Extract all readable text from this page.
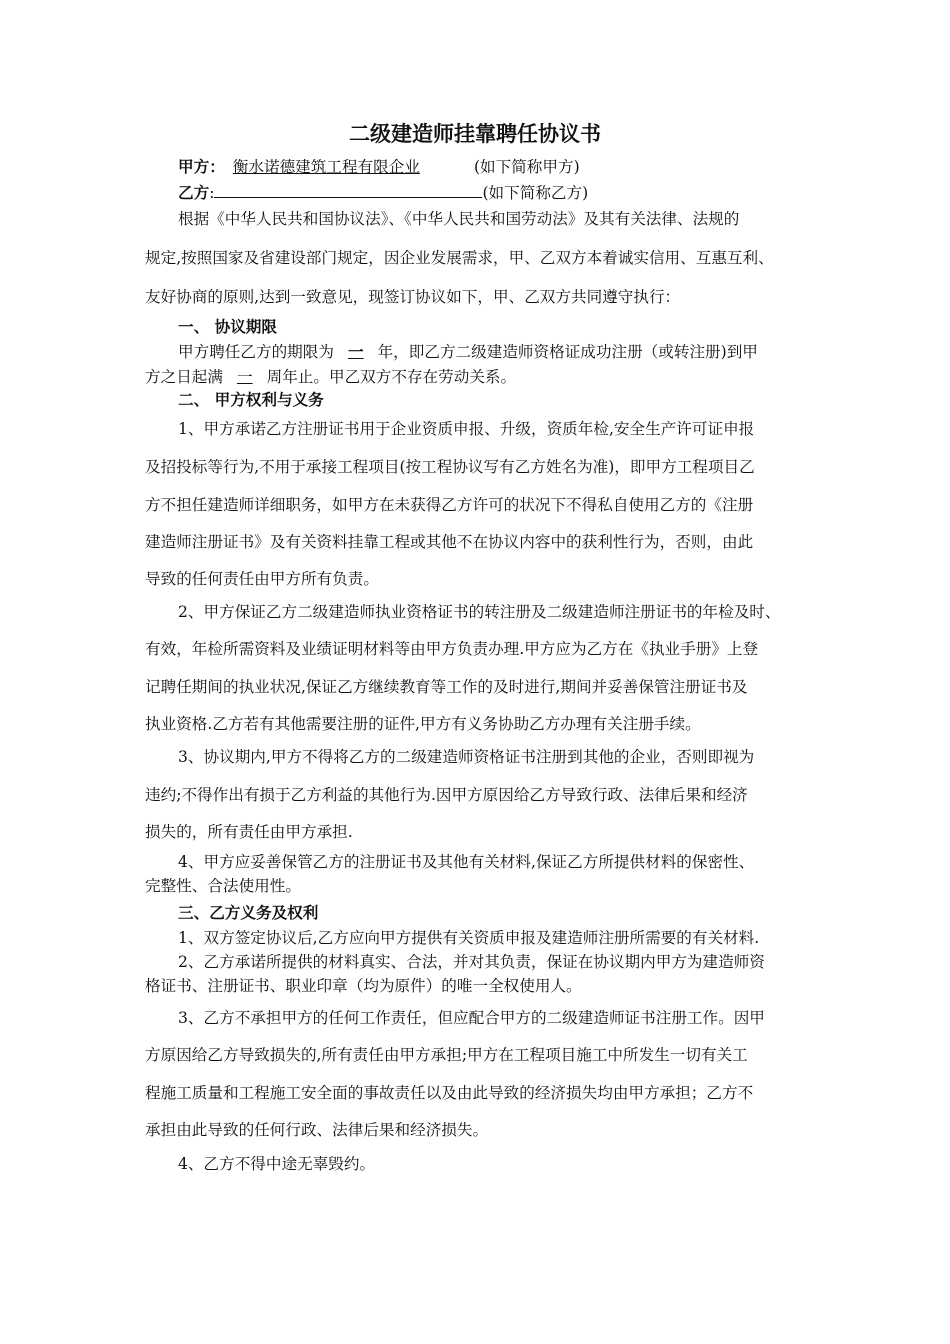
二级建造师挂靠聘任协议书

甲方： 衡水诺德建筑工程有限企业	(如下简称甲方)

乙方:	(如下简称乙方)

根据《中华人民共和国协议法》、《中华人民共和国劳动法》及其有关法律、法规的

规定,按照国家及省建设部门规定，因企业发展需求，甲、乙双方本着诚实信用、互惠互利、

友好协商的原则,达到一致意见，现签订协议如下，甲、乙双方共同遵守执行：

一、 协议期限

甲方聘任乙方的期限为 一 年，即乙方二级建造师资格证成功注册（或转注册)到甲

方之日起满 一 周年止。甲乙双方不存在劳动关系。

二、 甲方权利与义务

1、甲方承诺乙方注册证书用于企业资质申报、升级，资质年检,安全生产许可证申报

及招投标等行为,不用于承接工程项目(按工程协议写有乙方姓名为准)，即甲方工程项目乙

方不担任建造师详细职务，如甲方在未获得乙方许可的状况下不得私自使用乙方的《注册

建造师注册证书》及有关资料挂靠工程或其他不在协议内容中的获利性行为，否则，由此

导致的任何责任由甲方所有负责。

2、甲方保证乙方二级建造师执业资格证书的转注册及二级建造师注册证书的年检及时、

有效，年检所需资料及业绩证明材料等由甲方负责办理.甲方应为乙方在《执业手册》上登

记聘任期间的执业状况,保证乙方继续教育等工作的及时进行,期间并妥善保管注册证书及

执业资格.乙方若有其他需要注册的证件,甲方有义务协助乙方办理有关注册手续。

3、协议期内,甲方不得将乙方的二级建造师资格证书注册到其他的企业，否则即视为

违约;不得作出有损于乙方利益的其他行为.因甲方原因给乙方导致行政、法律后果和经济

损失的，所有责任由甲方承担.

4、甲方应妥善保管乙方的注册证书及其他有关材料,保证乙方所提供材料的保密性、

完整性、合法使用性。

三、乙方义务及权利

1、双方签定协议后,乙方应向甲方提供有关资质申报及建造师注册所需要的有关材料.

2、乙方承诺所提供的材料真实、合法，并对其负责，保证在协议期内甲方为建造师资

格证书、注册证书、职业印章（均为原件）的唯一全权使用人。

3、乙方不承担甲方的任何工作责任，但应配合甲方的二级建造师证书注册工作。因甲

方原因给乙方导致损失的,所有责任由甲方承担;甲方在工程项目施工中所发生一切有关工

程施工质量和工程施工安全面的事故责任以及由此导致的经济损失均由甲方承担；乙方不

承担由此导致的任何行政、法律后果和经济损失。

4、乙方不得中途无辜毁约。
